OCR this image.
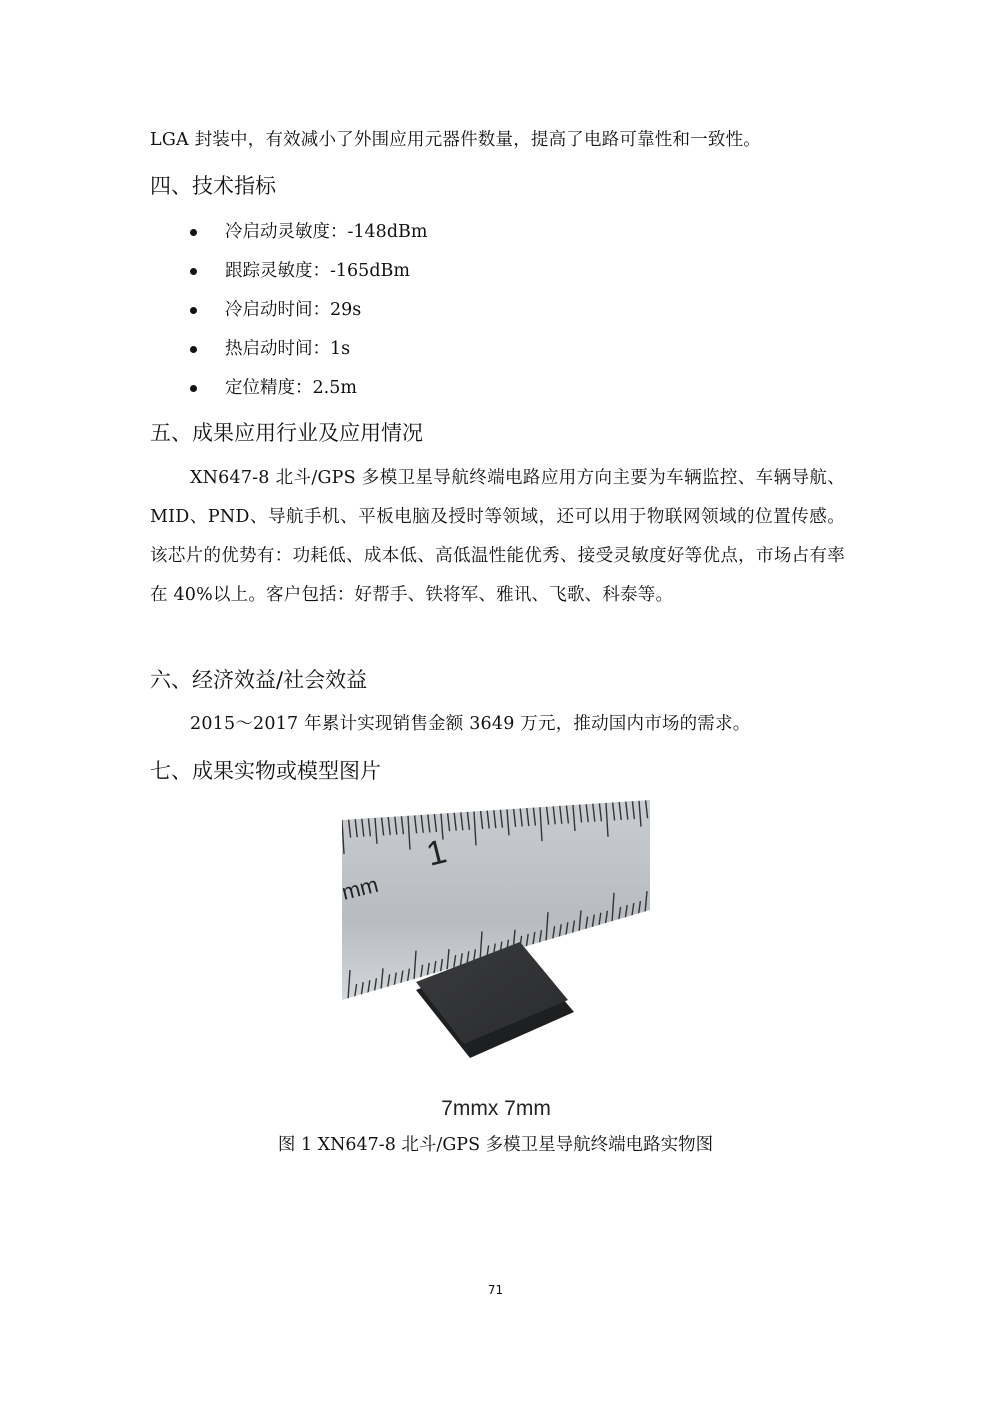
LGA 封装中，有效减小了外围应用元器件数量，提高了电路可靠性和一致性。

四、技术指标
冷启动灵敏度：-148dBm
跟踪灵敏度：-165dBm
冷启动时间：29s
热启动时间：1s
定位精度：2.5m
五、成果应用行业及应用情况

XN647-8 北斗/GPS 多模卫星导航终端电路应用方向主要为车辆监控、车辆导航、MID、PND、导航手机、平板电脑及授时等领域，还可以用于物联网领域的位置传感。该芯片的优势有：功耗低、成本低、高低温性能优秀、接受灵敏度好等优点，市场占有率在 40%以上。客户包括：好帮手、铁将军、雅讯、飞歌、科泰等。

六、经济效益/社会效益

2015～2017 年累计实现销售金额 3649 万元，推动国内市场的需求。

七、成果实物或模型图片
1
mm
7mmx 7mm
图 1 XN647-8 北斗/GPS 多模卫星导航终端电路实物图
71
